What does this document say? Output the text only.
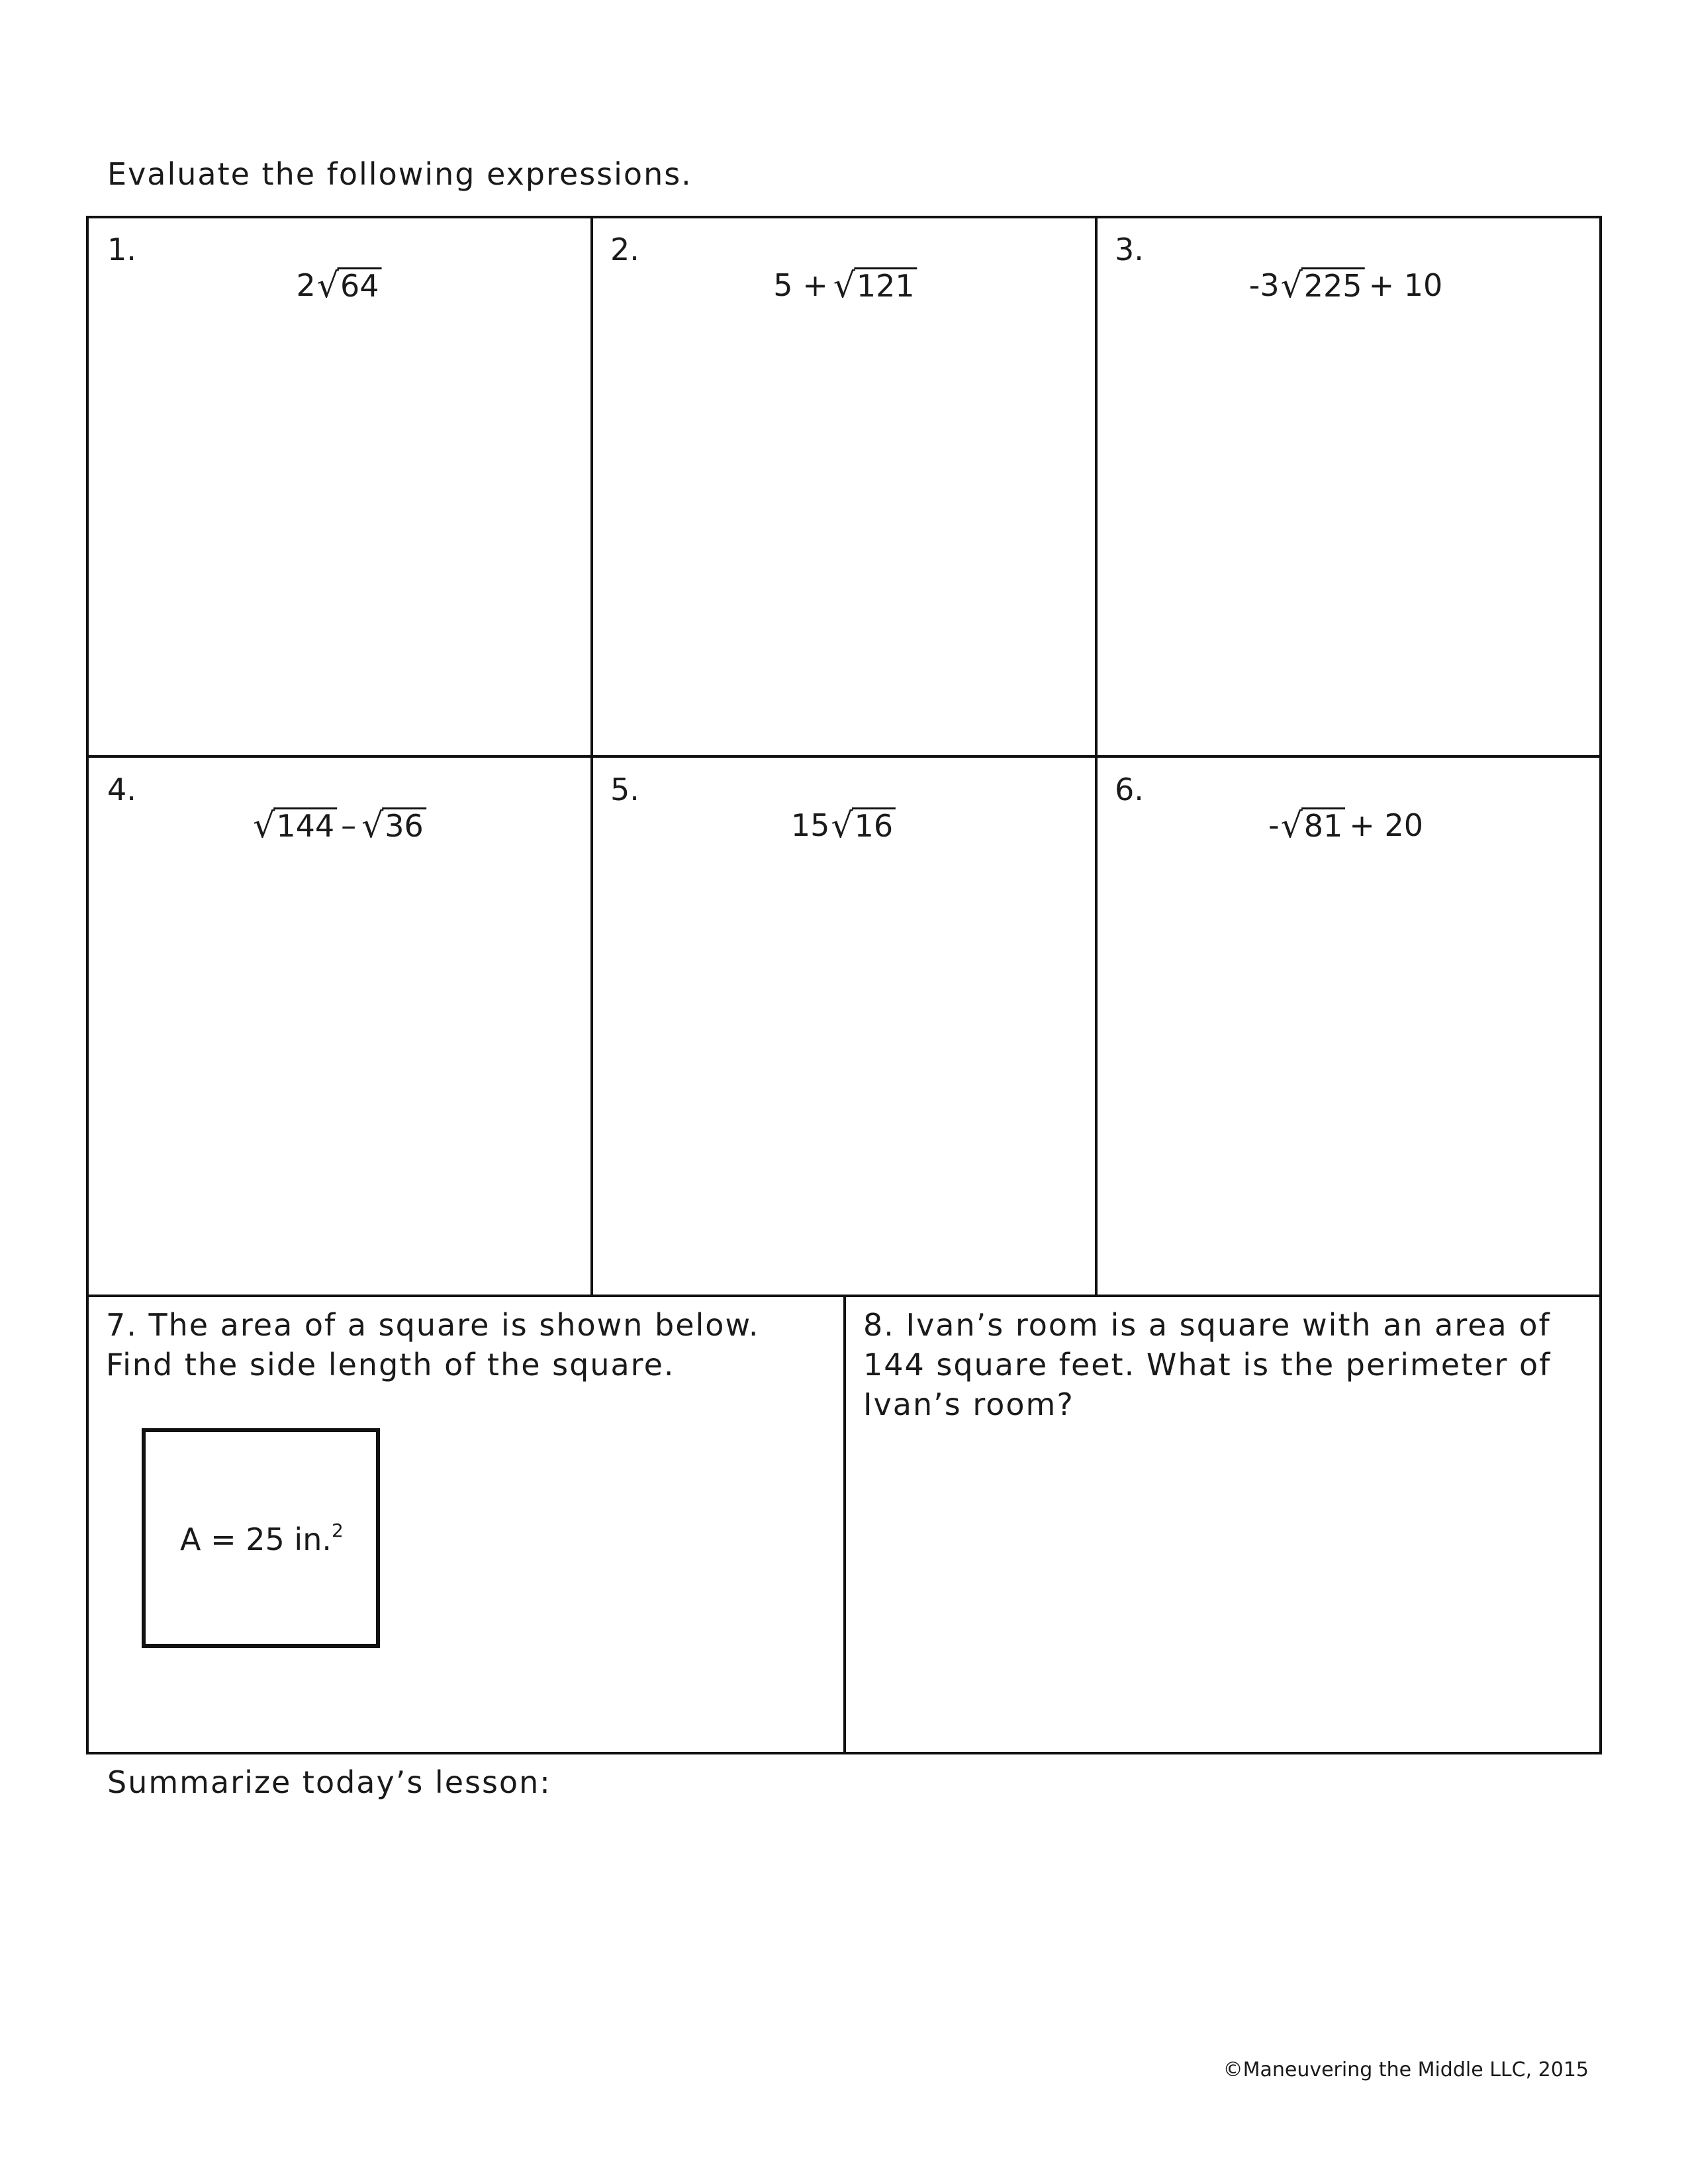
Evaluate the following expressions.
1.
2 √ 64
2.
5 + √ 121
3.
-3 √ 225 + 10
4.
√ 144 – √ 36
5.
15 √ 16
6.
- √ 81 + 20
7. The area of a square is shown below. Find the side length of the square.
A = 25 in.$^2$
8. Ivan’s room is a square with an area of 144 square feet. What is the perimeter of Ivan’s room?
Summarize today’s lesson:
©Maneuvering the Middle LLC, 2015
